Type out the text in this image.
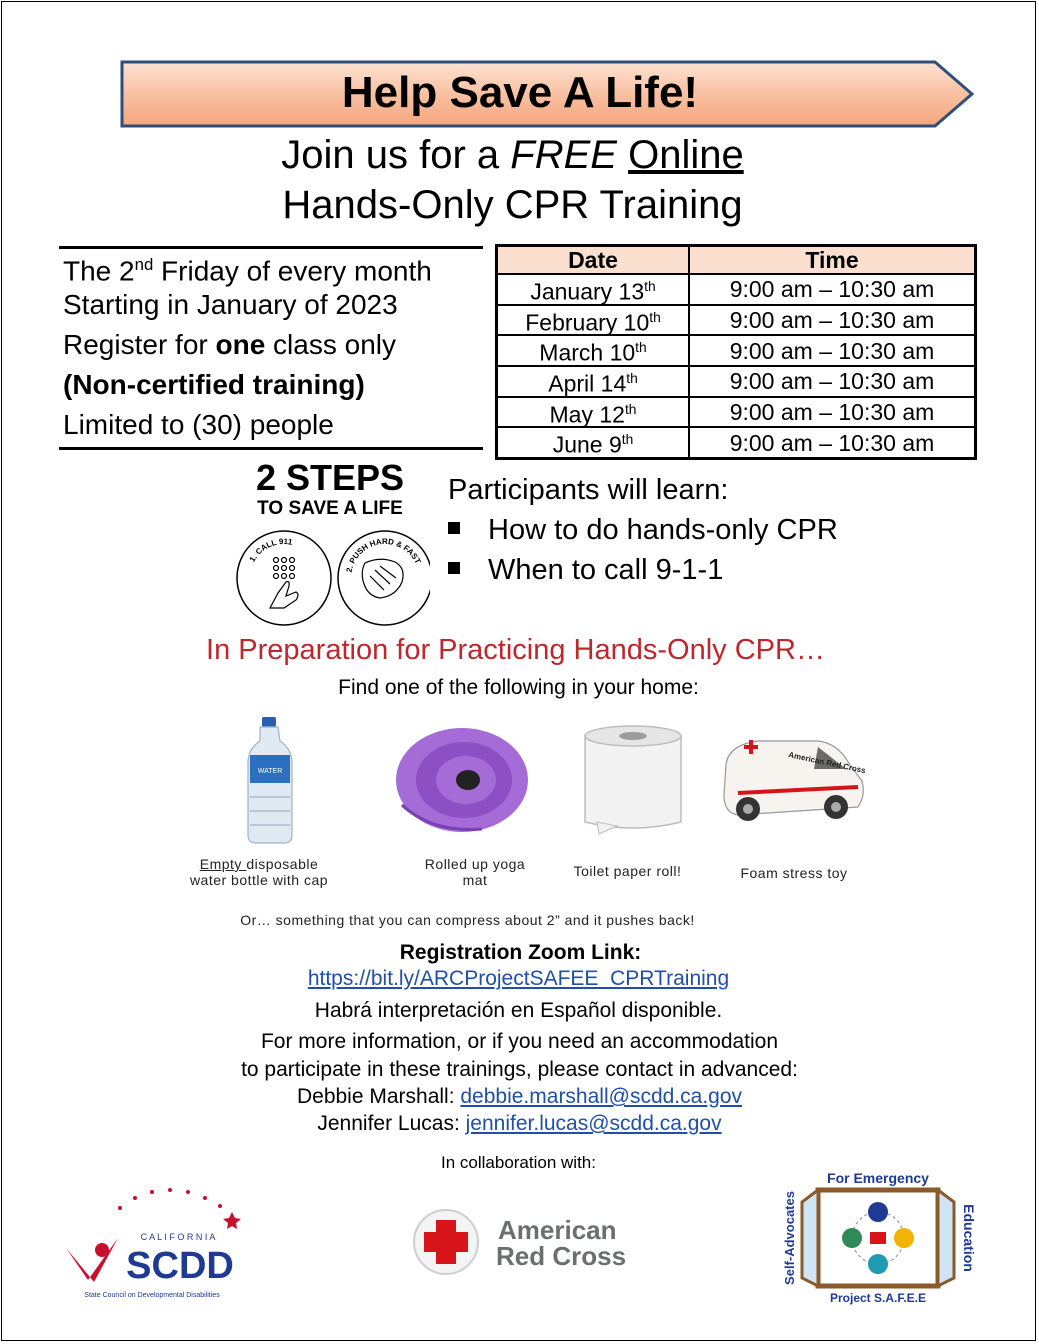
Help Save A Life!
Join us for a FREE Online
Hands-Only CPR Training
The 2nd Friday of every month
Starting in January of 2023
Register for one class only
(Non-certified training)
Limited to (30) people
Date	Time
January 13th	9:00 am – 10:30 am
February 10th	9:00 am – 10:30 am
March 10th	9:00 am – 10:30 am
April 14th	9:00 am – 10:30 am
May 12th	9:00 am – 10:30 am
June 9th	9:00 am – 10:30 am
2 STEPS
TO SAVE A LIFE
1. CALL 911
2. PUSH HARD & FAST
Participants will learn:
How to do hands-only CPR
When to call 9-1-1
In Preparation for Practicing Hands-Only CPR…
Find one of the following in your home:
WATER	American Red Cross
Empty disposable
water bottle with cap
Rolled up yoga
mat
Toilet paper roll!	Foam stress toy
Or… something that you can compress about 2” and it pushes back!
Registration Zoom Link:
https://bit.ly/ARCProjectSAFEE_CPRTraining
Habrá interpretación en Español disponible.
For more information, or if you need an accommodation
to participate in these trainings, please contact in advanced:
Debbie Marshall: debbie.marshall@scdd.ca.gov
Jennifer Lucas: jennifer.lucas@scdd.ca.gov
In collaboration with:
C A L I F O R N I A
SCDD
State Council on Developmental Disabilities
American
Red Cross
For Emergency
Project S.A.F.E.E
Self-Advocates	Education
